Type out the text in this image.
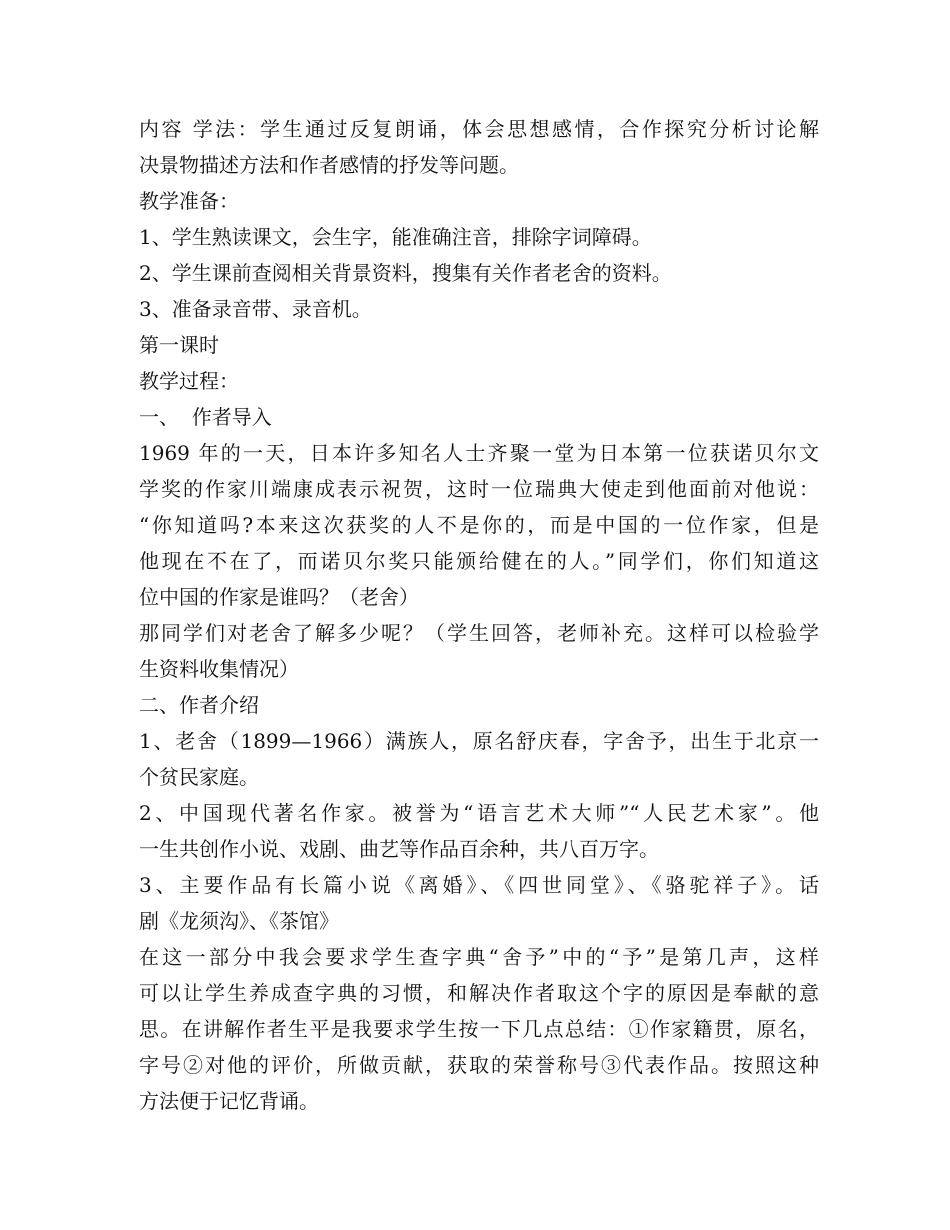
内容 学法：学生通过反复朗诵，体会思想感情，合作探究分析讨论解

决景物描述方法和作者感情的抒发等问题。

教学准备：

1、学生熟读课文，会生字，能准确注音，排除字词障碍。

2、学生课前查阅相关背景资料，搜集有关作者老舍的资料。

3、准备录音带、录音机。

第一课时

教学过程：

一、  作者导入

1969 年的一天，日本许多知名人士齐聚一堂为日本第一位获诺贝尔文

学奖的作家川端康成表示祝贺，这时一位瑞典大使走到他面前对他说：

“你知道吗?本来这次获奖的人不是你的，而是中国的一位作家，但是

他现在不在了，而诺贝尔奖只能颁给健在的人。”同学们，你们知道这

位中国的作家是谁吗？（老舍）

那同学们对老舍了解多少呢？（学生回答，老师补充。这样可以检验学

生资料收集情况）

二、作者介绍

1、老舍（1899—1966）满族人，原名舒庆春，字舍予，出生于北京一

个贫民家庭。

2、中国现代著名作家。被誉为“语言艺术大师”“人民艺术家”。他

一生共创作小说、戏剧、曲艺等作品百余种，共八百万字。

3、主要作品有长篇小说《离婚》、《四世同堂》、《骆驼祥子》。话

剧《龙须沟》、《茶馆》

在这一部分中我会要求学生查字典“舍予”中的“予”是第几声，这样

可以让学生养成查字典的习惯，和解决作者取这个字的原因是奉献的意

思。在讲解作者生平是我要求学生按一下几点总结：①作家籍贯，原名，

字号②对他的评价，所做贡献，获取的荣誉称号③代表作品。按照这种

方法便于记忆背诵。
